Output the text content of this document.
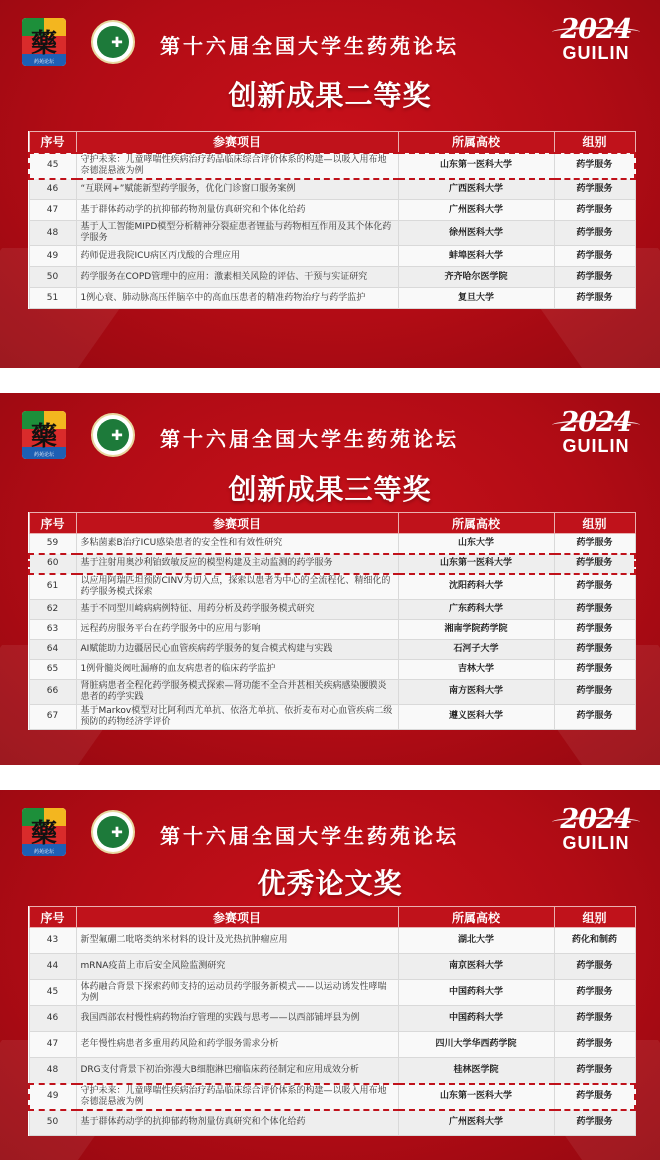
藥
药苑论坛
✚	第十六届全国大学生药苑论坛
2024
GUILIN
创新成果二等奖
序号	参赛项目	所属高校	组别
45	守护未来：儿童哮喘性疾病治疗药品临床综合评价体系的构建—以吸入用布地奈德混悬液为例	山东第一医科大学	药学服务
46	“互联网+”赋能新型药学服务，优化门诊窗口服务案例	广西医科大学	药学服务
47	基于群体药动学的抗抑郁药物剂量仿真研究和个体化给药	广州医科大学	药学服务
48	基于人工智能MIPD模型分析精神分裂症患者锂盐与药物相互作用及其个体化药学服务	徐州医科大学	药学服务
49	药师促进我院ICU病区丙戊酸的合理应用	蚌埠医科大学	药学服务
50	药学服务在COPD管理中的应用：激素相关风险的评估、干预与实证研究	齐齐哈尔医学院	药学服务
51	1例心衰、肺动脉高压伴脑卒中的高血压患者的精准药物治疗与药学监护	复旦大学	药学服务
藥
药苑论坛
✚	第十六届全国大学生药苑论坛
2024
GUILIN
创新成果三等奖
序号	参赛项目	所属高校	组别
59	多粘菌素B治疗ICU感染患者的安全性和有效性研究	山东大学	药学服务
60	基于注射用奥沙利铂致敏反应的模型构建及主动监测的药学服务	山东第一医科大学	药学服务
61	以应用阿瑞匹坦预防CINV为切入点，探索以患者为中心的全流程化、精细化的药学服务模式探索	沈阳药科大学	药学服务
62	基于不同型川崎病病例特征、用药分析及药学服务模式研究	广东药科大学	药学服务
63	远程药房服务平台在药学服务中的应用与影响	湘南学院药学院	药学服务
64	AI赋能助力边疆居民心血管疾病药学服务的复合模式构建与实践	石河子大学	药学服务
65	1例骨髓炎阀吐漏瘠的血友病患者的临床药学监护	吉林大学	药学服务
66	肾脏病患者全程化药学服务模式探索—肾功能不全合并甚相关疾病感染腰膜炎患者的药学实践	南方医科大学	药学服务
67	基于Markov模型对比阿利西尤单抗、依洛尤单抗、依折麦布对心血管疾病二级预防的药物经济学评价	遵义医科大学	药学服务
藥
药苑论坛
✚	第十六届全国大学生药苑论坛
2024
GUILIN
优秀论文奖
序号	参赛项目	所属高校	组别
43	新型氟硼二吡咯类纳米材料的设计及光热抗肿瘤应用	湖北大学	药化和制药
44	mRNA疫苗上市后安全风险监测研究	南京医科大学	药学服务
45	体药融合背景下探索药师支持的运动员药学服务新模式——以运动诱发性哮喘为例	中国药科大学	药学服务
46	我国西部农村慢性病药物治疗管理的实践与思考——以西部铺坪县为例	中国药科大学	药学服务
47	老年慢性病患者多重用药风险和药学服务需求分析	四川大学华西药学院	药学服务
48	DRG支付背景下初治弥漫大B细胞淋巴瘤临床药径制定和应用成效分析	桂林医学院	药学服务
49	守护未来：儿童哮喘性疾病治疗药品临床综合评价体系的构建—以吸入用布地奈德混悬液为例	山东第一医科大学	药学服务
50	基于群体药动学的抗抑郁药物剂量仿真研究和个体化给药	广州医科大学	药学服务
